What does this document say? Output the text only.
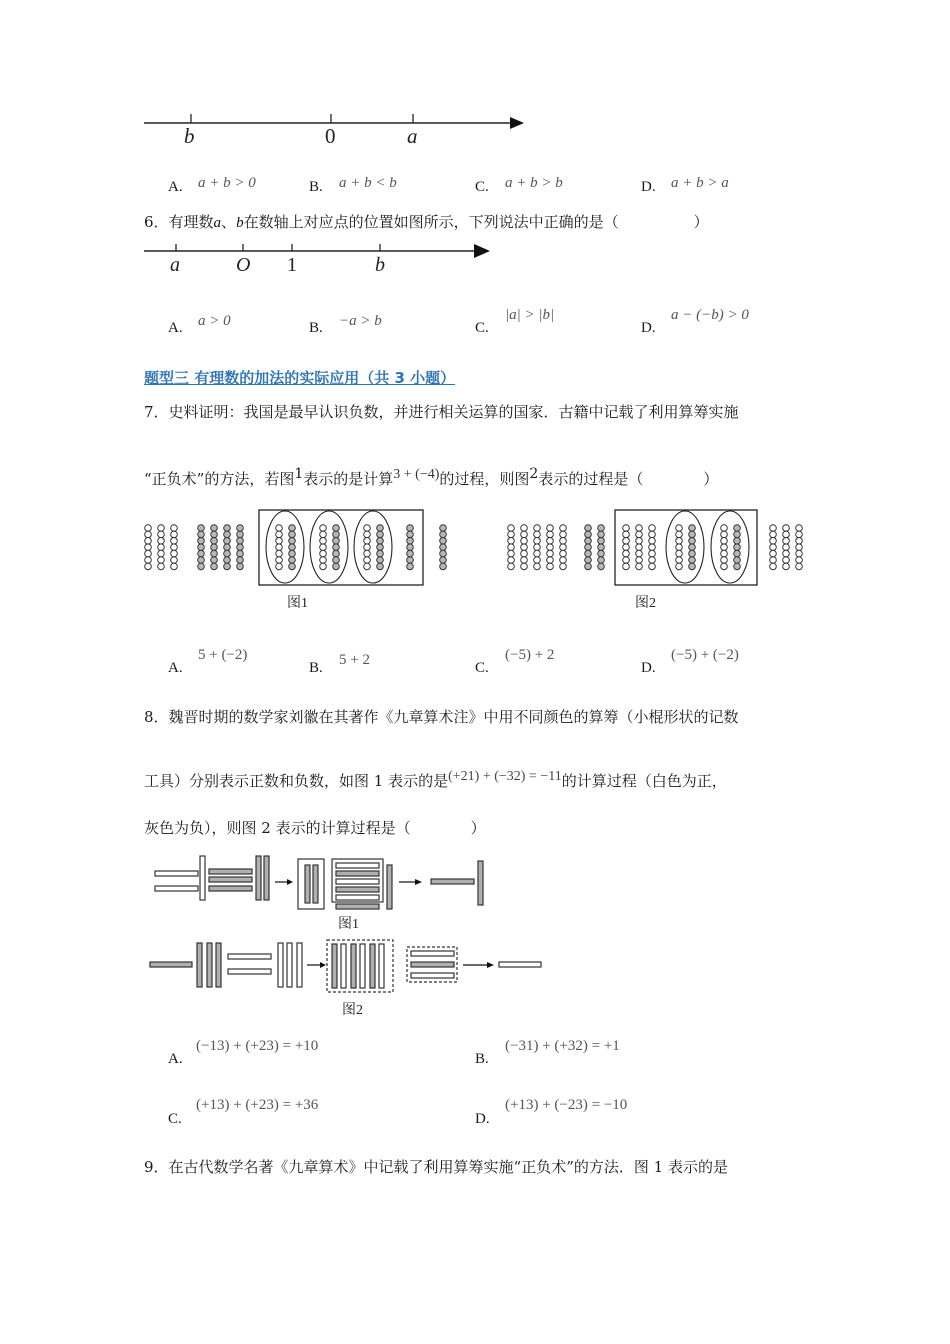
b	0	a
A. a + b > 0	B. a + b < b	C. a + b > b	D. a + b > a
6．有理数a、b在数轴上对应点的位置如图所示，下列说法中正确的是（　　　　　）
a	O 1	b
A. a > 0	B. −a > b	C.
|a| > |b|
D.
a − (−b) > 0
题型三 有理数的加法的实际应用（共 3 小题）
7．史料证明：我国是最早认识负数，并进行相关运算的国家．古籍中记载了利用算筹实施
“正负术”的方法，若图$^1$表示的是计算$^{3 + (-4)}$的过程，则图$^2$表示的过程是（　　　　）
图1	图2
A.
5 + (−2)
B. 5 + 2	C.
(−5) + 2
D.
(−5) + (−2)
8．魏晋时期的数学家刘徽在其著作《九章算术注》中用不同颜色的算筹（小棍形状的记数
工具）分别表示正数和负数，如图 1 表示的是$^{(+21) + (-32) = -11}$的计算过程（白色为正，
灰色为负），则图 2 表示的计算过程是（　　　　）
图1
图2
A.
(−13) + (+23) = +10
B.
(−31) + (+32) = +1
C.
(+13) + (+23) = +36
D.
(+13) + (−23) = −10
9．在古代数学名著《九章算术》中记载了利用算筹实施“正负术”的方法．图 1 表示的是
